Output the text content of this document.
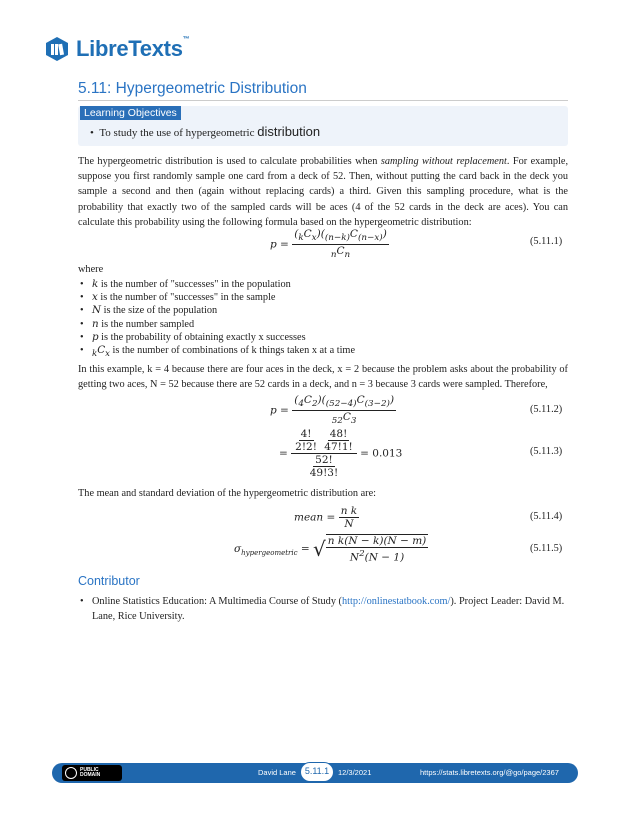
LibreTexts™
5.11: Hypergeometric Distribution
Learning Objectives
•  To study the use of hypergeometric distribution
The hypergeometric distribution is used to calculate probabilities when sampling without replacement. For example, suppose you first randomly sample one card from a deck of 52. Then, without putting the card back in the deck you sample a second and then (again without replacing cards) a third. Given this sampling procedure, what is the probability that exactly two of the sampled cards will be aces (4 of the 52 cards in the deck are aces). You can calculate this probability using the following formula based on the hypergeometric distribution:
$p = \frac{(_kC_x)(_{(n-k)}C_{(n-x)})}{_nC_n}$	(5.11.1)
where
• k is the number of "successes" in the population
• x is the number of "successes" in the sample
• N is the size of the population
• n is the number sampled
• p is the probability of obtaining exactly x successes
• $_kC_x$ is the number of combinations of k things taken x at a time
In this example, k = 4 because there are four aces in the deck, x = 2 because the problem asks about the probability of getting two aces, N = 52 because there are 52 cards in a deck, and n = 3 because 3 cards were sampled. Therefore,
$p = \frac{(_4C_2)(_{(52-4)}C_{(3-2)})}{_{52}C_3}$	(5.11.2)
= $\frac{4!}{2!2!}$
$\frac{48!}{47!1!}$
$\frac{52!}{49!3!} = 0.013$	(5.11.3)
The mean and standard deviation of the hypergeometric distribution are:
mean = $\frac{\text{n k}}{N}$	(5.11.4)
$\sigma_{hypergeometric}$ = √ $\frac{\text{n k(N − k)(N − m)}}{N^2(N - 1)}$	(5.11.5)
Contributor
• Online Statistics Education: A Multimedia Course of Study (http://onlinestatbook.com/). Project Leader: David M. Lane, Rice University.
PUBLIC
DOMAIN	David Lane 5.11.1	12/3/2021	https://stats.libretexts.org/@go/page/2367
